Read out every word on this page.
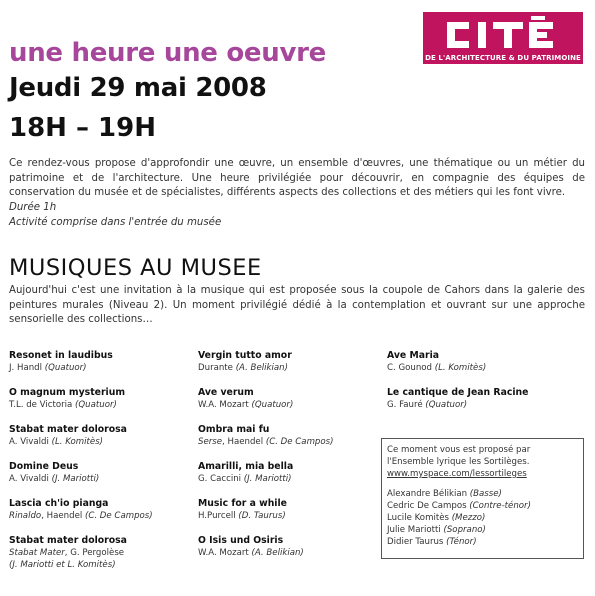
DE L'ARCHITECTURE & DU PATRIMOINE
une heure une oeuvre
Jeudi 29 mai 2008
18H – 19H
Ce rendez-vous propose d'approfondir une œuvre, un ensemble d'œuvres, une thématique ou un métier du patrimoine et de l'architecture. Une heure privilégiée pour découvrir, en compagnie des équipes de conservation du musée et de spécialistes, différents aspects des collections et des métiers qui les font vivre.
Durée 1h
Activité comprise dans l'entrée du musée
MUSIQUES AU MUSEE
Aujourd'hui c'est une invitation à la musique qui est proposée sous la coupole de Cahors dans la galerie des peintures murales (Niveau 2). Un moment privilégié dédié à la contemplation et ouvrant sur une approche sensorielle des collections…
Resonet in laudibus
J. Handl (Quatuor)
O magnum mysterium
T.L. de Victoria (Quatuor)
Stabat mater dolorosa
A. Vivaldi (L. Komitès)
Domine Deus
A. Vivaldi (J. Mariotti)
Lascia ch'io pianga
Rinaldo, Haendel (C. De Campos)
Stabat mater dolorosa
Stabat Mater, G. Pergolèse
(J. Mariotti et L. Komitès)
Vergin tutto amor
Durante (A. Belikian)
Ave verum
W.A. Mozart (Quatuor)
Ombra mai fu
Serse, Haendel (C. De Campos)
Amarilli, mia bella
G. Caccini (J. Mariotti)
Music for a while
H.Purcell (D. Taurus)
O Isis und Osiris
W.A. Mozart (A. Belikian)
Ave Maria
C. Gounod (L. Komitès)
Le cantique de Jean Racine
G. Fauré (Quatuor)
Ce moment vous est proposé par l'Ensemble lyrique les Sortilèges.
www.myspace.com/lessortileges
Alexandre Bélikian (Basse)
Cedric De Campos (Contre-ténor)
Lucile Komitès (Mezzo)
Julie Mariotti (Soprano)
Didier Taurus (Ténor)
